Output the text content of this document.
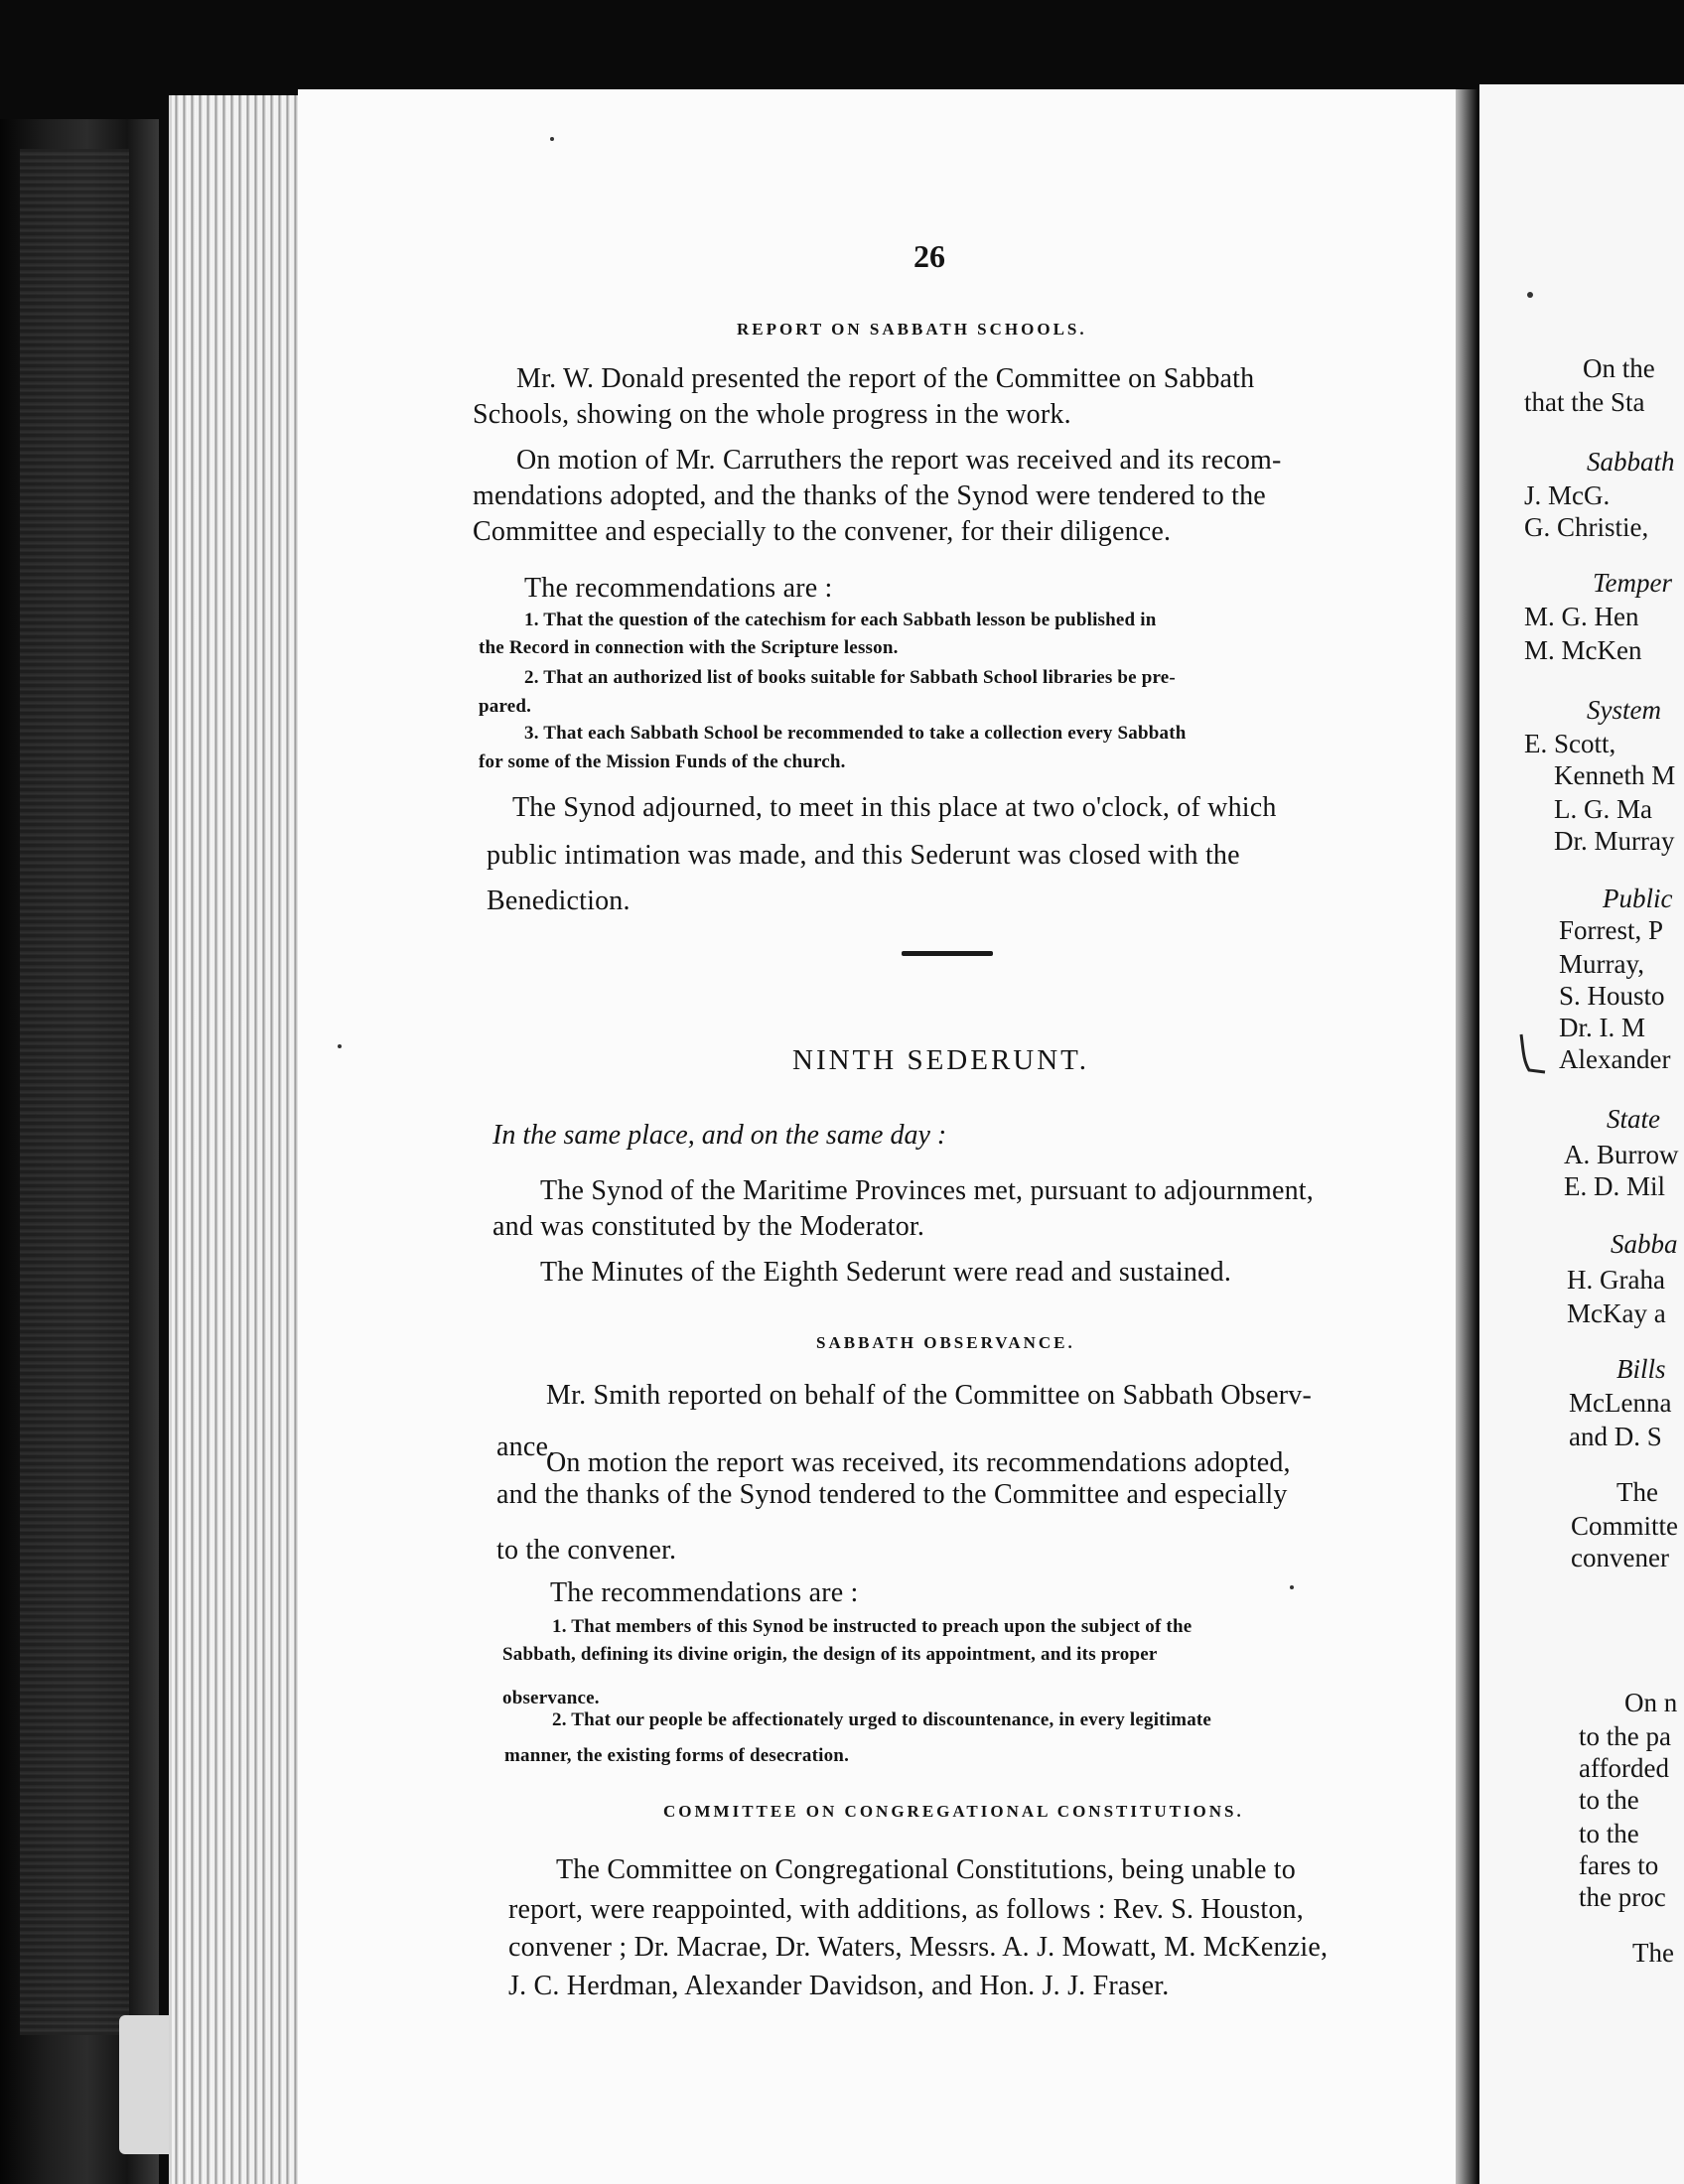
26
REPORT ON SABBATH SCHOOLS.
Mr. W. Donald presented the report of the Committee on Sabbath
Schools, showing on the whole progress in the work.
On motion of Mr. Carruthers the report was received and its recom-
mendations adopted, and the thanks of the Synod were tendered to the
Committee and especially to the convener, for their diligence.
The recommendations are :
1. That the question of the catechism for each Sabbath lesson be published in
the Record in connection with the Scripture lesson.
2. That an authorized list of books suitable for Sabbath School libraries be pre-
pared.
3. That each Sabbath School be recommended to take a collection every Sabbath
for some of the Mission Funds of the church.
The Synod adjourned, to meet in this place at two o'clock, of which
public intimation was made, and this Sederunt was closed with the
Benediction.
NINTH SEDERUNT.
In the same place, and on the same day :
The Synod of the Maritime Provinces met, pursuant to adjournment,
and was constituted by the Moderator.
The Minutes of the Eighth Sederunt were read and sustained.
SABBATH OBSERVANCE.
Mr. Smith reported on behalf of the Committee on Sabbath Observ-
ance.
On motion the report was received, its recommendations adopted,
and the thanks of the Synod tendered to the Committee and especially
to the convener.
The recommendations are :
1. That members of this Synod be instructed to preach upon the subject of the
Sabbath, defining its divine origin, the design of its appointment, and its proper
observance.
2. That our people be affectionately urged to discountenance, in every legitimate
manner, the existing forms of desecration.
COMMITTEE ON CONGREGATIONAL CONSTITUTIONS.
The Committee on Congregational Constitutions, being unable to
report, were reappointed, with additions, as follows : Rev. S. Houston,
convener ; Dr. Macrae, Dr. Waters, Messrs. A. J. Mowatt, M. McKenzie,
J. C. Herdman, Alexander Davidson, and Hon. J. J. Fraser.
On the
that the Sta
Sabbath
J. McG.
G. Christie,
Temper
M. G. Hen
M. McKen
System
E. Scott,
Kenneth M
L. G. Ma
Dr. Murray
Public
Forrest, P
Murray,
S. Housto
Dr. I. M
Alexander
State
A. Burrow
E. D. Mil
Sabba
H. Graha
McKay a
Bills
McLenna
and D. S
The
Committe
convener
On n
to the pa
afforded
to the
to the
fares to
the proc
The
